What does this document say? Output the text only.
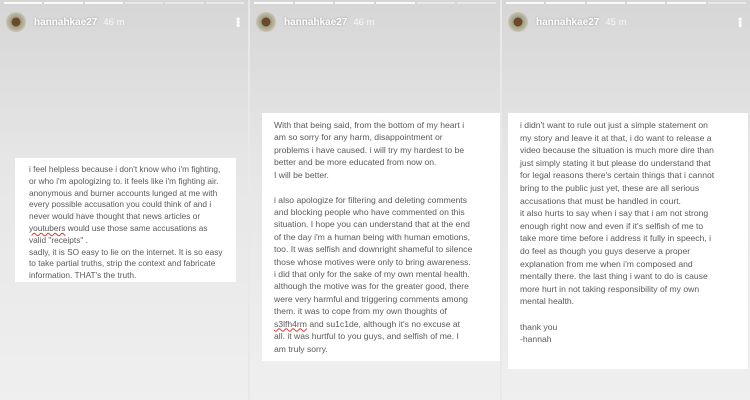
hannahkae27 46 m	•••
i feel helpless because i don't know who i'm fighting,
or who i'm apologizing to. it feels like i'm fighting air.
anonymous and burner accounts lunged at me with
every possible accusation you could think of and i
never would have thought that news articles or
youtubers would use those same accusations as
valid "receipts" .
sadly, it is SO easy to lie on the internet. It is so easy
to take partial truths, strip the context and fabricate
information. THAT's the truth.
hannahkae27 46 m
With that being said, from the bottom of my heart i
am so sorry for any harm, disappointment or
problems i have caused. i will try my hardest to be
better and be more educated from now on.
I will be better.
i also apologize for filtering and deleting comments
and blocking people who have commented on this
situation. I hope you can understand that at the end
of the day i'm a human being with human emotions,
too. It was selfish and downright shameful to silence
those whose motives were only to bring awareness.
i did that only for the sake of my own mental health.
although the motive was for the greater good, there
were very harmful and triggering comments among
them. it was to cope from my own thoughts of
s3lfh4rm and su1c1de, although it's no excuse at
all. it was hurtful to you guys, and selfish of me. I
am truly sorry.
hannahkae27 45 m	•••
i didn't want to rule out just a simple statement on
my story and leave it at that, i do want to release a
video because the situation is much more dire than
just simply stating it but please do understand that
for legal reasons there's certain things that i cannot
bring to the public just yet, these are all serious
accusations that must be handled in court.
it also hurts to say when i say that i am not strong
enough right now and even if it's selfish of me to
take more time before i address it fully in speech, i
do feel as though you guys deserve a proper
explanation from me when i'm composed and
mentally there. the last thing i want to do is cause
more hurt in not taking responsibility of my own
mental health.
thank you
-hannah
